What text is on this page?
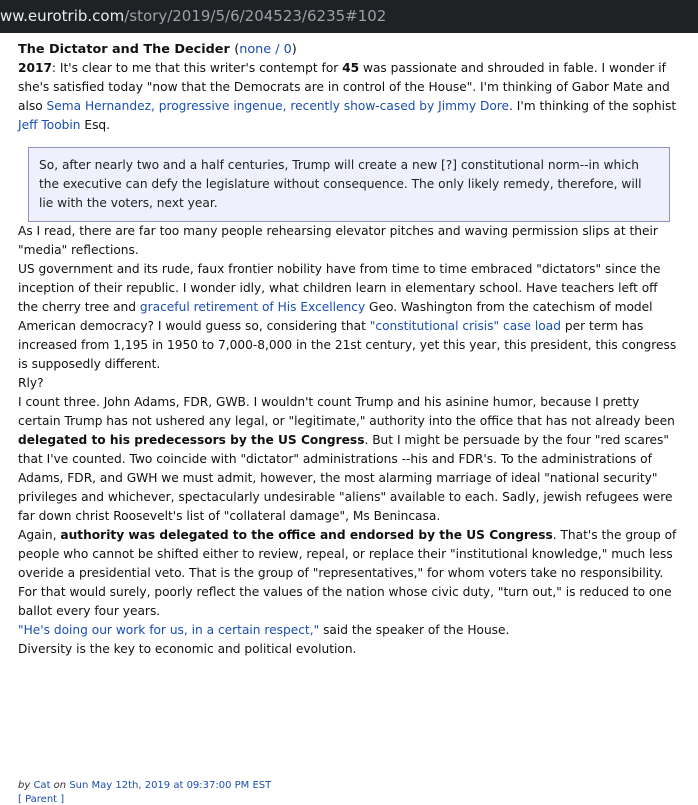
ww.eurotrib.com/story/2019/5/6/204523/6235#102

The Dictator and The Decider (none / 0)

2017: It's clear to me that this writer's contempt for 45 was passionate and shrouded in fable. I wonder if she's satisfied today "now that the Democrats are in control of the House". I'm thinking of Gabor Mate and also Sema Hernandez, progressive ingenue, recently show-cased by Jimmy Dore. I'm thinking of the sophist Jeff Toobin Esq.

So, after nearly two and a half centuries, Trump will create a new [?] constitutional norm--in which the executive can defy the legislature without consequence. The only likely remedy, therefore, will lie with the voters, next year.

As I read, there are far too many people rehearsing elevator pitches and waving permission slips at their "media" reflections.

US government and its rude, faux frontier nobility have from time to time embraced "dictators" since the inception of their republic. I wonder idly, what children learn in elementary school. Have teachers left off the cherry tree and graceful retirement of His Excellency Geo. Washington from the catechism of model American democracy? I would guess so, considering that "constitutional crisis" case load per term has increased from 1,195 in 1950 to 7,000-8,000 in the 21st century, yet this year, this president, this congress is supposedly different.

Rly?

I count three. John Adams, FDR, GWB. I wouldn't count Trump and his asinine humor, because I pretty certain Trump has not ushered any legal, or "legitimate," authority into the office that has not already been delegated to his predecessors by the US Congress. But I might be persuade by the four "red scares" that I've counted. Two coincide with "dictator" administrations --his and FDR's. To the administrations of Adams, FDR, and GWH we must admit, however, the most alarming marriage of ideal "national security" privileges and whichever, spectacularly undesirable "aliens" available to each. Sadly, jewish refugees were far down christ Roosevelt's list of "collateral damage", Ms Benincasa.

Again, authority was delegated to the office and endorsed by the US Congress. That's the group of people who cannot be shifted either to review, repeal, or replace their "institutional knowledge," much less overide a presidential veto. That is the group of "representatives," for whom voters take no responsibility. For that would surely, poorly reflect the values of the nation whose civic duty, "turn out," is reduced to one ballot every four years.

"He's doing our work for us, in a certain respect," said the speaker of the House.

Diversity is the key to economic and political evolution.

by Cat on Sun May 12th, 2019 at 09:37:00 PM EST
[ Parent ]
